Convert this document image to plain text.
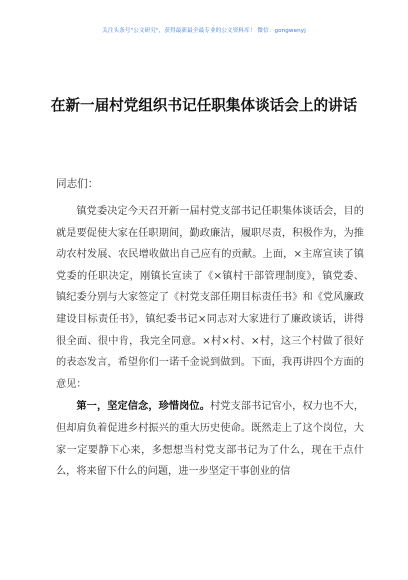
关注头条号"公文研究"，获得最新最全最专业的公文资料库！ 微信：gongwenyj
在新一届村党组织书记任职集体谈话会上的讲话
同志们：

镇党委决定今天召开新一届村党支部书记任职集体谈话会，目的就是要促使大家在任职期间，勤政廉洁，履职尽责，积极作为，为推动农村发展、农民增收做出自己应有的贡献。上面，×主席宣读了镇党委的任职决定，刚镇长宣读了《×镇村干部管理制度》，镇党委、镇纪委分别与大家签定了《村党支部任期目标责任书》和《党风廉政建设目标责任书》，镇纪委书记×同志对大家进行了廉政谈话，讲得很全面、很中肯，我完全同意。×村×村、×村，这三个村做了很好的表态发言，希望你们一诺千金说到做到。下面，我再讲四个方面的意见：

第一，坚定信念，珍惜岗位。村党支部书记官小，权力也不大，但却肩负着促进乡村振兴的重大历史使命。既然走上了这个岗位，大家一定要静下心来，多想想当村党支部书记为了什么，现在干点什么，将来留下什么的问题，进一步坚定干事创业的信
